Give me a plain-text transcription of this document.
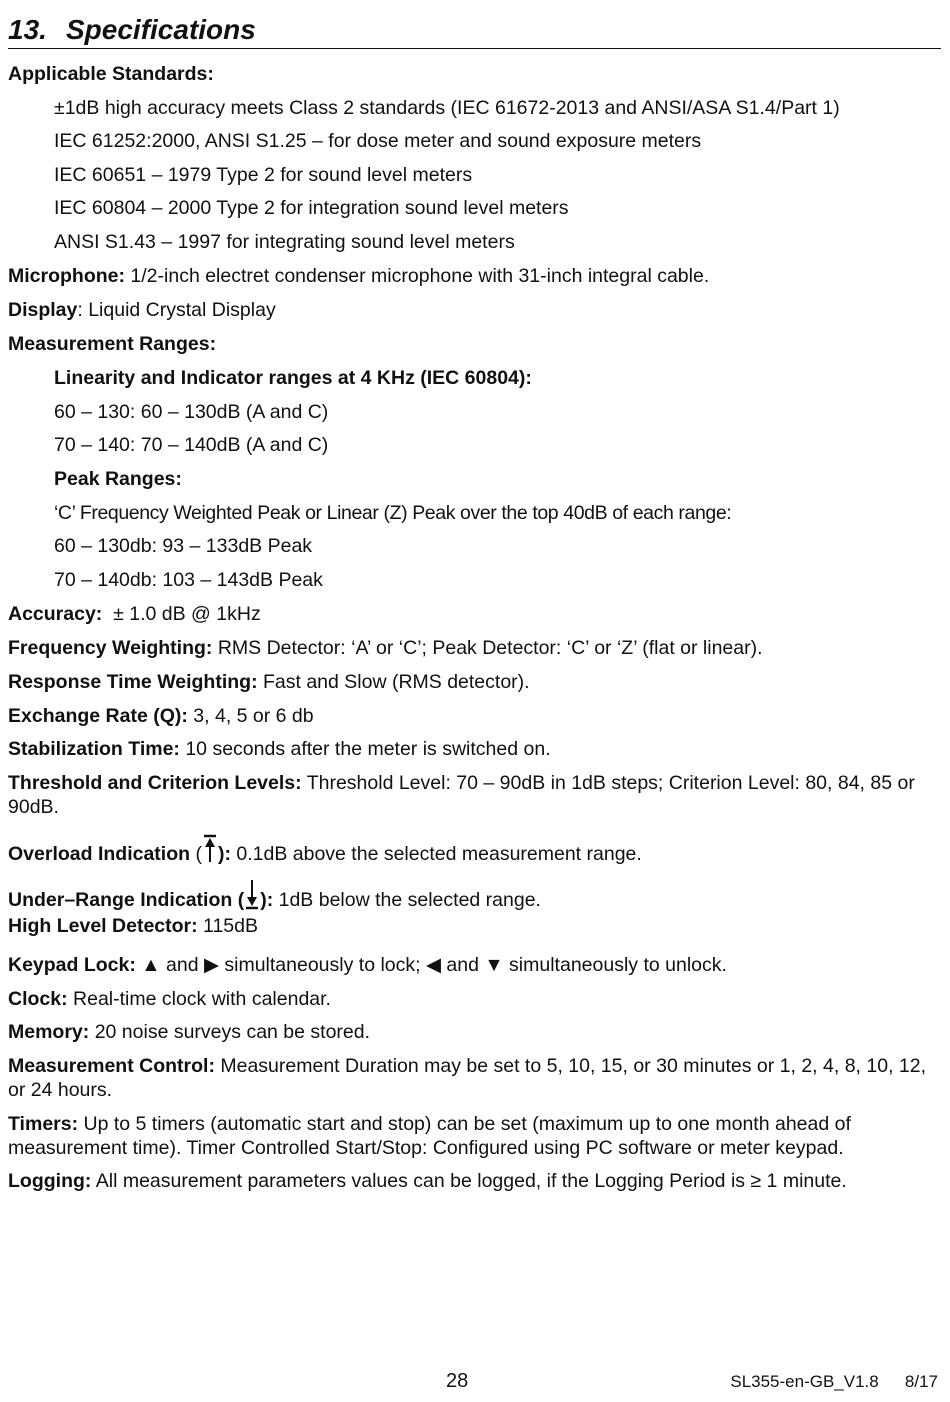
13. Specifications
Applicable Standards:
±1dB high accuracy meets Class 2 standards (IEC 61672-2013 and ANSI/ASA S1.4/Part 1)
IEC 61252:2000, ANSI S1.25 – for dose meter and sound exposure meters
IEC 60651 – 1979 Type 2 for sound level meters
IEC 60804 – 2000 Type 2 for integration sound level meters
ANSI S1.43 – 1997 for integrating sound level meters
Microphone: 1/2-inch electret condenser microphone with 31-inch integral cable.
Display: Liquid Crystal Display
Measurement Ranges:
Linearity and Indicator ranges at 4 KHz (IEC 60804):
60 – 130: 60 – 130dB (A and C)
70 – 140: 70 – 140dB (A and C)
Peak Ranges:
‘C’ Frequency Weighted Peak or Linear (Z) Peak over the top 40dB of each range:
60 – 130db: 93 – 133dB Peak
70 – 140db: 103 – 143dB Peak
Accuracy:  ± 1.0 dB @ 1kHz
Frequency Weighting: RMS Detector: ‘A’ or ‘C’; Peak Detector: ‘C’ or ‘Z’ (flat or linear).
Response Time Weighting: Fast and Slow (RMS detector).
Exchange Rate (Q): 3, 4, 5 or 6 db
Stabilization Time: 10 seconds after the meter is switched on.
Threshold and Criterion Levels: Threshold Level: 70 – 90dB in 1dB steps; Criterion Level: 80, 84, 85 or 90dB.
Overload Indication ( ): 0.1dB above the selected measurement range.
Under–Range Indication ( ): 1dB below the selected range.
High Level Detector: 115dB
Keypad Lock: ▲ and ▶ simultaneously to lock; ◀ and ▼ simultaneously to unlock.
Clock: Real-time clock with calendar.
Memory: 20 noise surveys can be stored.
Measurement Control: Measurement Duration may be set to 5, 10, 15, or 30 minutes or 1, 2, 4, 8, 10, 12, or 24 hours.
Timers: Up to 5 timers (automatic start and stop) can be set (maximum up to one month ahead of measurement time). Timer Controlled Start/Stop: Configured using PC software or meter keypad.
Logging: All measurement parameters values can be logged, if the Logging Period is ≥ 1 minute.
28	SL355-en-GB_V1.8   8/17
